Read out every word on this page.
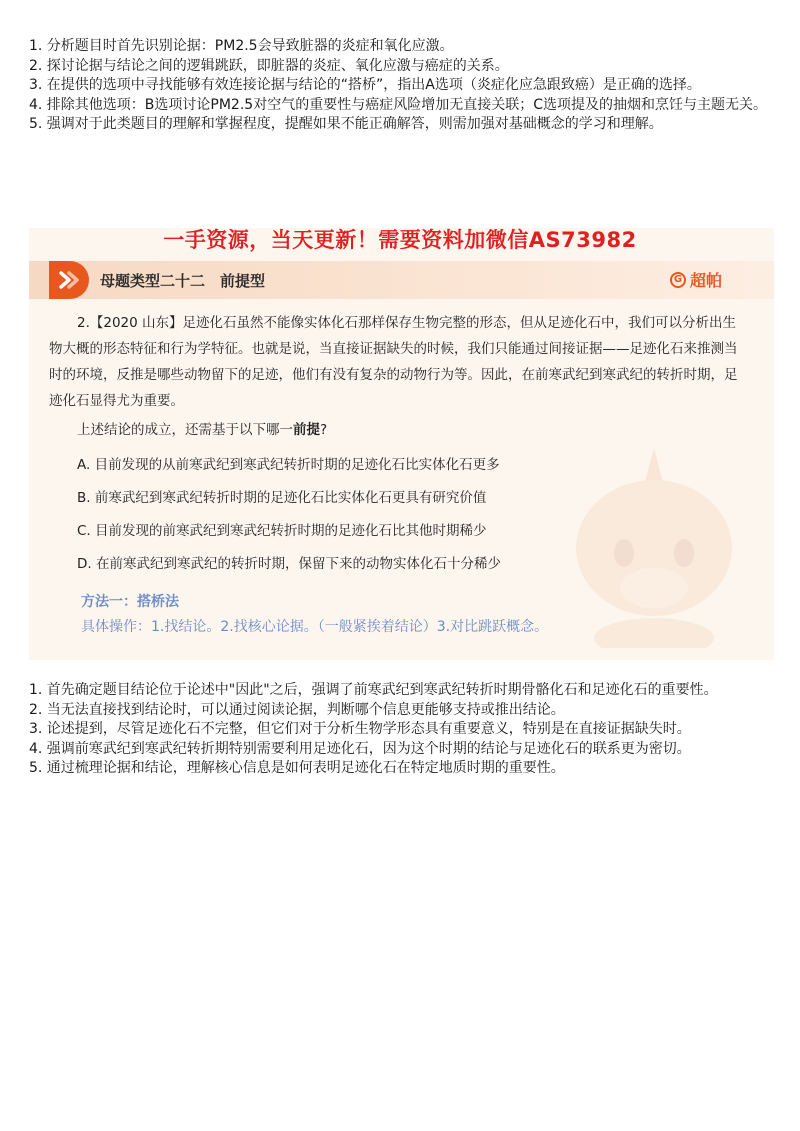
1. 分析题目时首先识别论据：PM2.5会导致脏器的炎症和氧化应激。

2. 探讨论据与结论之间的逻辑跳跃，即脏器的炎症、氧化应激与癌症的关系。

3. 在提供的选项中寻找能够有效连接论据与结论的“搭桥”，指出A选项（炎症化应急跟致癌）是正确的选择。

4. 排除其他选项：B选项讨论PM2.5对空气的重要性与癌症风险增加无直接关联；C选项提及的抽烟和烹饪与主题无关。

5. 强调对于此类题目的理解和掌握程度，提醒如果不能正确解答，则需加强对基础概念的学习和理解。

母题类型二十二　前提型	G 超帕
2.【2020 山东】足迹化石虽然不能像实体化石那样保存生物完整的形态，但从足迹化石中，我们可以分析出生物大概的形态特征和行为学特征。也就是说，当直接证据缺失的时候，我们只能通过间接证据——足迹化石来推测当时的环境，反推是哪些动物留下的足迹，他们有没有复杂的动物行为等。因此，在前寒武纪到寒武纪的转折时期，足迹化石显得尤为重要。
上述结论的成立，还需基于以下哪一前提?
A. 目前发现的从前寒武纪到寒武纪转折时期的足迹化石比实体化石更多
B. 前寒武纪到寒武纪转折时期的足迹化石比实体化石更具有研究价值
C. 目前发现的前寒武纪到寒武纪转折时期的足迹化石比其他时期稀少
D. 在前寒武纪到寒武纪的转折时期，保留下来的动物实体化石十分稀少
方法一：搭桥法
具体操作：1.找结论。2.找核心论据。（一般紧挨着结论）3.对比跳跃概念。
一手资源，当天更新！需要资料加微信AS73982

1. 首先确定题目结论位于论述中"因此"之后，强调了前寒武纪到寒武纪转折时期骨骼化石和足迹化石的重要性。

2. 当无法直接找到结论时，可以通过阅读论据，判断哪个信息更能够支持或推出结论。

3. 论述提到，尽管足迹化石不完整，但它们对于分析生物学形态具有重要意义，特别是在直接证据缺失时。

4. 强调前寒武纪到寒武纪转折期特别需要利用足迹化石，因为这个时期的结论与足迹化石的联系更为密切。

5. 通过梳理论据和结论，理解核心信息是如何表明足迹化石在特定地质时期的重要性。
